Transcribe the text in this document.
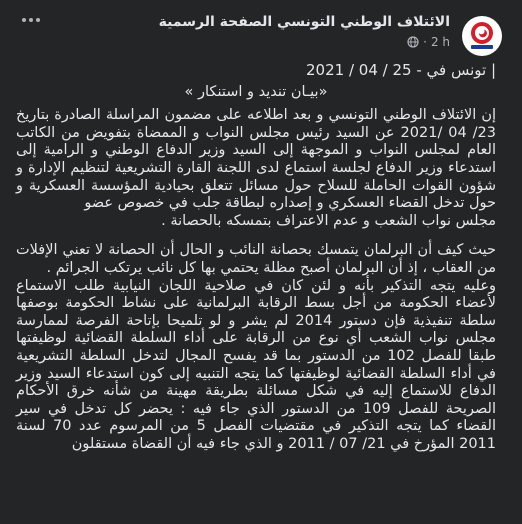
الائتلاف الوطني التونسي الصفحة الرسمية
· 2 h

| تونس في - 25 / 04 / 2021

«بيـان تنديد و استنكار »

إن الائتلاف الوطني التونسي و بعد اطلاعه على مضمون المراسلة الصادرة بتاريخ 23/ 04 /2021 عن السيد رئيس مجلس النواب و الممضاة بتفويض من الكاتب العام لمجلس النواب و الموجهة إلى السيد وزير الدفاع الوطني و الرامية إلى استدعاء وزير الدفاع لجلسة استماع لدى اللجنة القارة التشريعية لتنظيم الإدارة و شؤون القوات الحاملة للسلاح حول مسائل تتعلق بحيادية المؤسسة العسكرية و حول تدخل القضاء العسكري و إصداره لبطاقة جلب في خصوص عضو

مجلس نواب الشعب و عدم الاعتراف بتمسكه بالحصانة .

حيث كيف أن البرلمان يتمسك بحصانة النائب و الحال أن الحصانة لا تعني الإفلات من العقاب ، إذ أن البرلمان أصبح مظلة يحتمي بها كل نائب يرتكب الجرائم .

وعليه يتجه التذكير بأنه و لئن كان في صلاحية اللجان النيابية طلب الاستماع لأعضاء الحكومة من أجل بسط الرقابة البرلمانية على نشاط الحكومة بوصفها سلطة تنفيذية فإن دستور 2014 لم يشر و لو تلميحا بإتاحة الفرصة لممارسة مجلس نواب الشعب أي نوع من الرقابة على أداء السلطة القضائية لوظيفتها طبقا للفصل 102 من الدستور بما قد يفسح المجال لتدخل السلطة التشريعية في أداء السلطة القضائية لوظيفتها كما يتجه التنبيه إلى كون استدعاء السيد وزير الدفاع للاستماع إليه في شكل مسائلة بطريقة مهينة من شأنه خرق الأحكام الصريحة للفصل 109 من الدستور الذي جاء فيه : يحضر كل تدخل في سير القضاء كما يتجه التذكير في مقتضيات الفصل 5 من المرسوم عدد 70 لسنة 2011 المؤرخ في 21/ 07 / 2011 و الذي جاء فيه أن القضاة مستقلون
